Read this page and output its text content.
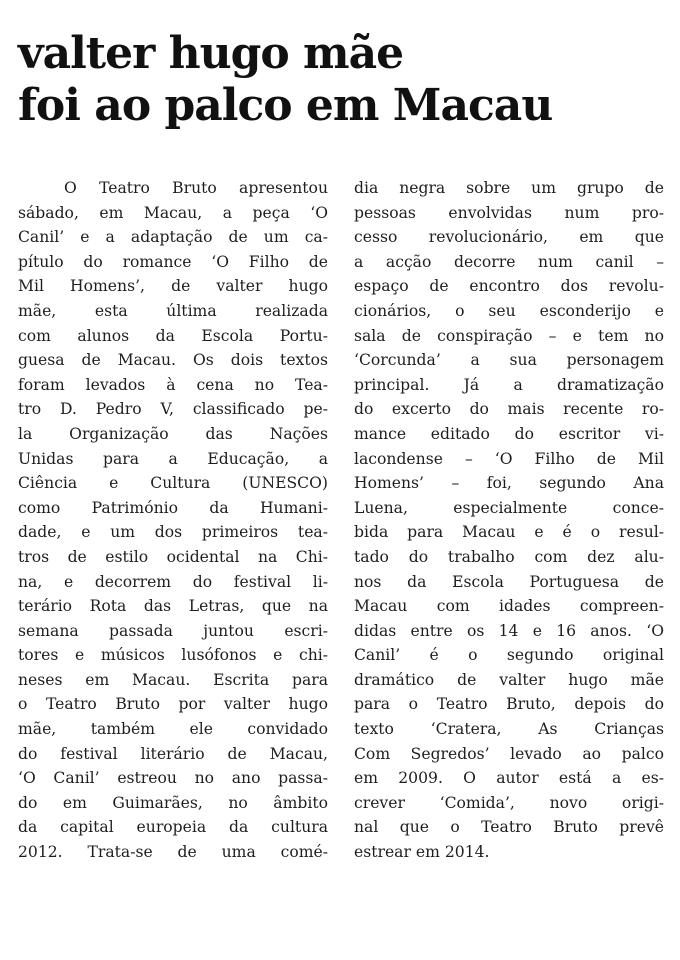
valter hugo mãe
foi ao palco em Macau
O Teatro Bruto apresentou
sábado, em Macau, a peça ‘O
Canil’ e a adaptação de um ca-
pítulo do romance ‘O Filho de
Mil Homens’, de valter hugo
mãe, esta última realizada
com alunos da Escola Portu-
guesa de Macau. Os dois textos
foram levados à cena no Tea-
tro D. Pedro V, classificado pe-
la Organização das Nações
Unidas para a Educação, a
Ciência e Cultura (UNESCO)
como Património da Humani-
dade, e um dos primeiros tea-
tros de estilo ocidental na Chi-
na, e decorrem do festival li-
terário Rota das Letras, que na
semana passada juntou escri-
tores e músicos lusófonos e chi-
neses em Macau. Escrita para
o Teatro Bruto por valter hugo
mãe, também ele convidado
do festival literário de Macau,
‘O Canil’ estreou no ano passa-
do em Guimarães, no âmbito
da capital europeia da cultura
2012. Trata-se de uma comé-
dia negra sobre um grupo de
pessoas envolvidas num pro-
cesso revolucionário, em que
a acção decorre num canil –
espaço de encontro dos revolu-
cionários, o seu esconderijo e
sala de conspiração – e tem no
‘Corcunda’ a sua personagem
principal. Já a dramatização
do excerto do mais recente ro-
mance editado do escritor vi-
lacondense – ‘O Filho de Mil
Homens’ – foi, segundo Ana
Luena, especialmente conce-
bida para Macau e é o resul-
tado do trabalho com dez alu-
nos da Escola Portuguesa de
Macau com idades compreen-
didas entre os 14 e 16 anos. ‘O
Canil’ é o segundo original
dramático de valter hugo mãe
para o Teatro Bruto, depois do
texto ‘Cratera, As Crianças
Com Segredos’ levado ao palco
em 2009. O autor está a es-
crever ‘Comida’, novo origi-
nal que o Teatro Bruto prevê
estrear em 2014.
